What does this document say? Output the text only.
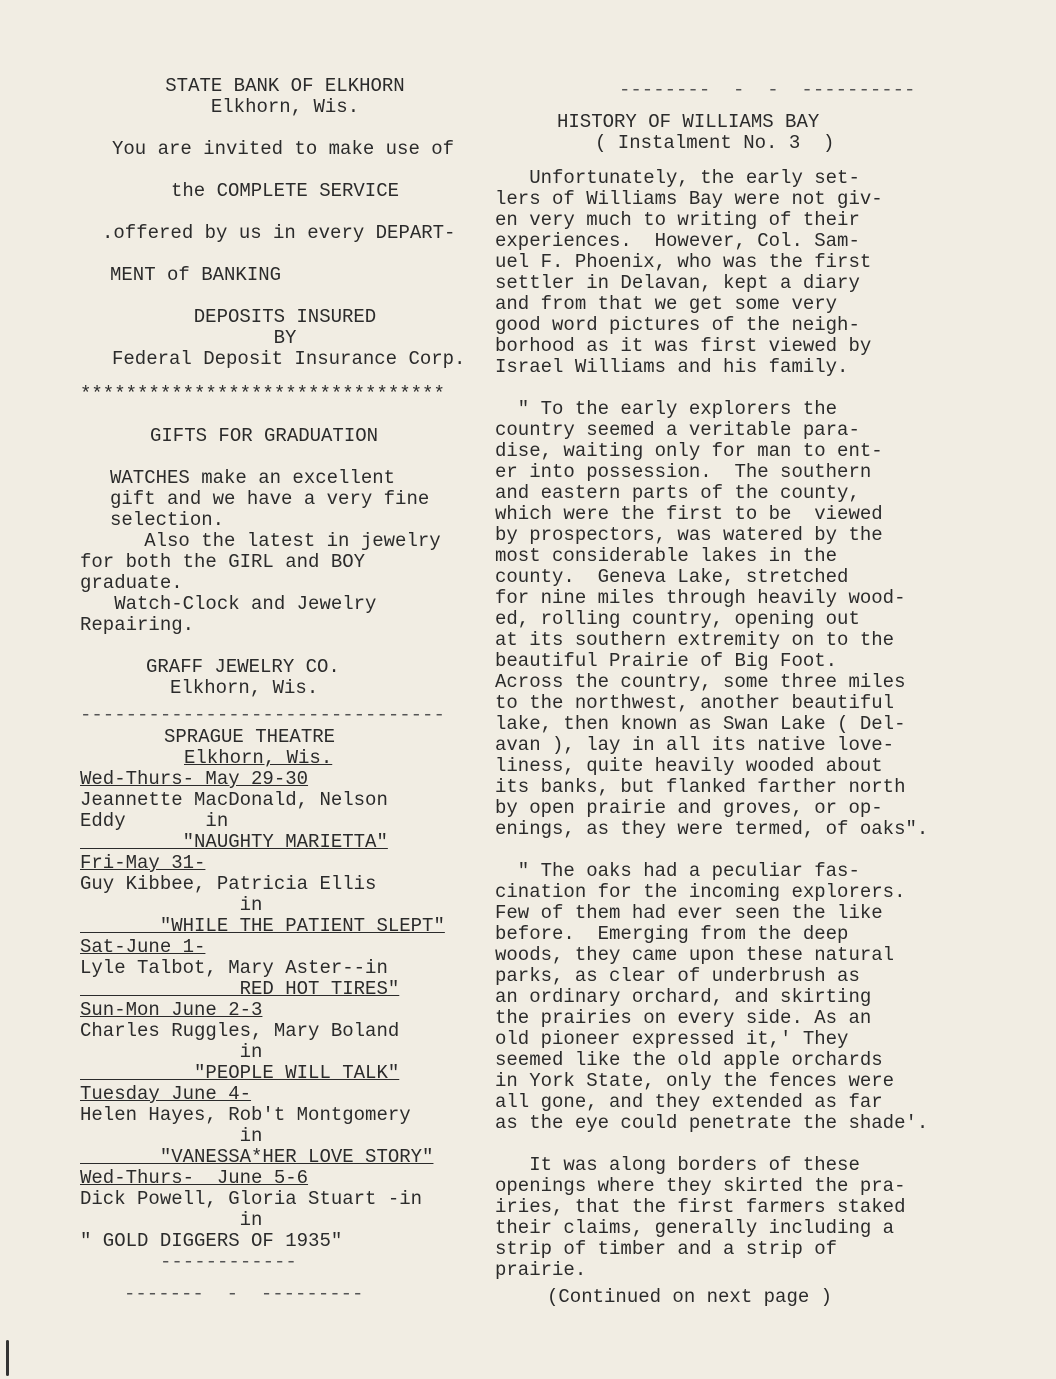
STATE BANK OF ELKHORN
Elkhorn, Wis.
You are invited to make use of
the COMPLETE SERVICE
.offered by us in every DEPART-
MENT of BANKING
DEPOSITS INSURED
BY
Federal Deposit Insurance Corp.
********************************
GIFTS FOR GRADUATION
WATCHES make an excellent
gift and we have a very fine
selection.
Also the latest in jewelry
for both the GIRL and BOY
graduate.
Watch-Clock and Jewelry
Repairing.
GRAFF JEWELRY CO.
Elkhorn, Wis.
--------------------------------
SPRAGUE THEATRE
Elkhorn, Wis.
Wed-Thurs- May 29-30
Jeannette MacDonald, Nelson
Eddy       in
"NAUGHTY MARIETTA"
Fri-May 31-
Guy Kibbee, Patricia Ellis
in
"WHILE THE PATIENT SLEPT"
Sat-June 1-
Lyle Talbot, Mary Aster--in
RED HOT TIRES"
Sun-Mon June 2-3
Charles Ruggles, Mary Boland
in
"PEOPLE WILL TALK"
Tuesday June 4-
Helen Hayes, Rob't Montgomery
in
"VANESSA*HER LOVE STORY"
Wed-Thurs-  June 5-6
Dick Powell, Gloria Stuart -in
in
" GOLD DIGGERS OF 1935"
------------
-------  -  ---------
--------  -  -  ----------
HISTORY OF WILLIAMS BAY
( Instalment No. 3  )
Unfortunately, the early set-
lers of Williams Bay were not giv-
en very much to writing of their
experiences.  However, Col. Sam-
uel F. Phoenix, who was the first
settler in Delavan, kept a diary
and from that we get some very
good word pictures of the neigh-
borhood as it was first viewed by
Israel Williams and his family.
" To the early explorers the
country seemed a veritable para-
dise, waiting only for man to ent-
er into possession.  The southern
and eastern parts of the county,
which were the first to be  viewed
by prospectors, was watered by the
most considerable lakes in the
county.  Geneva Lake, stretched
for nine miles through heavily wood-
ed, rolling country, opening out
at its southern extremity on to the
beautiful Prairie of Big Foot.
Across the country, some three miles
to the northwest, another beautiful
lake, then known as Swan Lake ( Del-
avan ), lay in all its native love-
liness, quite heavily wooded about
its banks, but flanked farther north
by open prairie and groves, or op-
enings, as they were termed, of oaks".
" The oaks had a peculiar fas-
cination for the incoming explorers.
Few of them had ever seen the like
before.  Emerging from the deep
woods, they came upon these natural
parks, as clear of underbrush as
an ordinary orchard, and skirting
the prairies on every side. As an
old pioneer expressed it,' They
seemed like the old apple orchards
in York State, only the fences were
all gone, and they extended as far
as the eye could penetrate the shade'.
It was along borders of these
openings where they skirted the pra-
iries, that the first farmers staked
their claims, generally including a
strip of timber and a strip of
prairie.
(Continued on next page )
